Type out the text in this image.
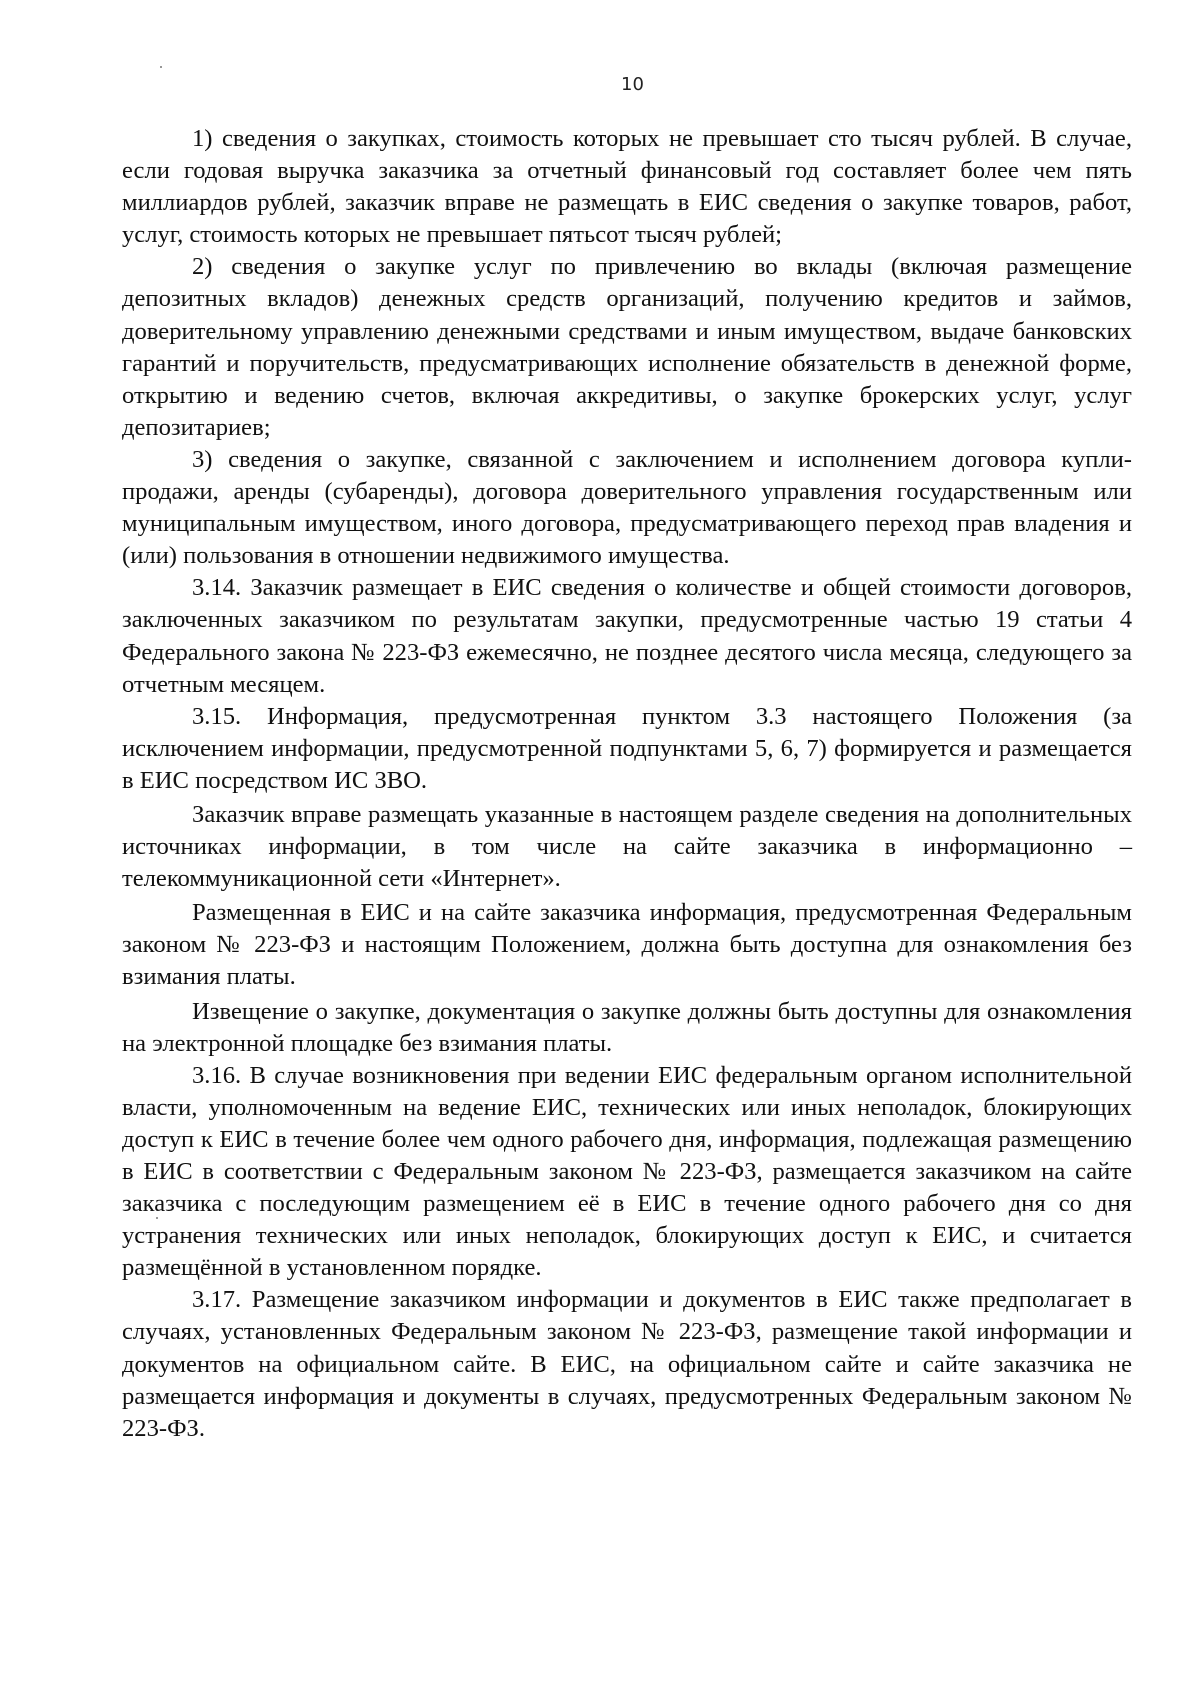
10

1) сведения о закупках, стоимость которых не превышает сто тысяч рублей. В случае, если годовая выручка заказчика за отчетный финансовый год составляет более чем пять миллиардов рублей, заказчик вправе не размещать в ЕИС сведения о закупке товаров, работ, услуг, стоимость которых не превышает пятьсот тысяч рублей;

2) сведения о закупке услуг по привлечению во вклады (включая размещение депозитных вкладов) денежных средств организаций, получению кредитов и займов, доверительному управлению денежными средствами и иным имуществом, выдаче банковских гарантий и поручительств, предусматривающих исполнение обязательств в денежной форме, открытию и ведению счетов, включая аккредитивы, о закупке брокерских услуг, услуг депозитариев;

3) сведения о закупке, связанной с заключением и исполнением договора купли-продажи, аренды (субаренды), договора доверительного управления государственным или муниципальным имуществом, иного договора, предусматривающего переход прав владения и (или) пользования в отношении недвижимого имущества.

3.14. Заказчик размещает в ЕИС сведения о количестве и общей стоимости договоров, заключенных заказчиком по результатам закупки, предусмотренные частью 19 статьи 4 Федерального закона № 223-ФЗ ежемесячно, не позднее десятого числа месяца, следующего за отчетным месяцем.

3.15. Информация, предусмотренная пунктом 3.3 настоящего Положения (за исключением информации, предусмотренной подпунктами 5, 6, 7) формируется и размещается в ЕИС посредством ИС ЗВО.

Заказчик вправе размещать указанные в настоящем разделе сведения на дополнительных источниках информации, в том числе на сайте заказчика в информационно – телекоммуникационной сети «Интернет».

Размещенная в ЕИС и на сайте заказчика информация, предусмотренная Федеральным законом № 223-ФЗ и настоящим Положением, должна быть доступна для ознакомления без взимания платы.

Извещение о закупке, документация о закупке должны быть доступны для ознакомления на электронной площадке без взимания платы.

3.16. В случае возникновения при ведении ЕИС федеральным органом исполнительной власти, уполномоченным на ведение ЕИС, технических или иных неполадок, блокирующих доступ к ЕИС в течение более чем одного рабочего дня, информация, подлежащая размещению в ЕИС в соответствии с Федеральным законом № 223-ФЗ, размещается заказчиком на сайте заказчика с последующим размещением её в ЕИС в течение одного рабочего дня со дня устранения технических или иных неполадок, блокирующих доступ к ЕИС, и считается размещённой в установленном порядке.

3.17. Размещение заказчиком информации и документов в ЕИС также предполагает в случаях, установленных Федеральным законом № 223-ФЗ, размещение такой информации и документов на официальном сайте. В ЕИС, на официальном сайте и сайте заказчика не размещается информация и документы в случаях, предусмотренных Федеральным законом № 223-ФЗ.
